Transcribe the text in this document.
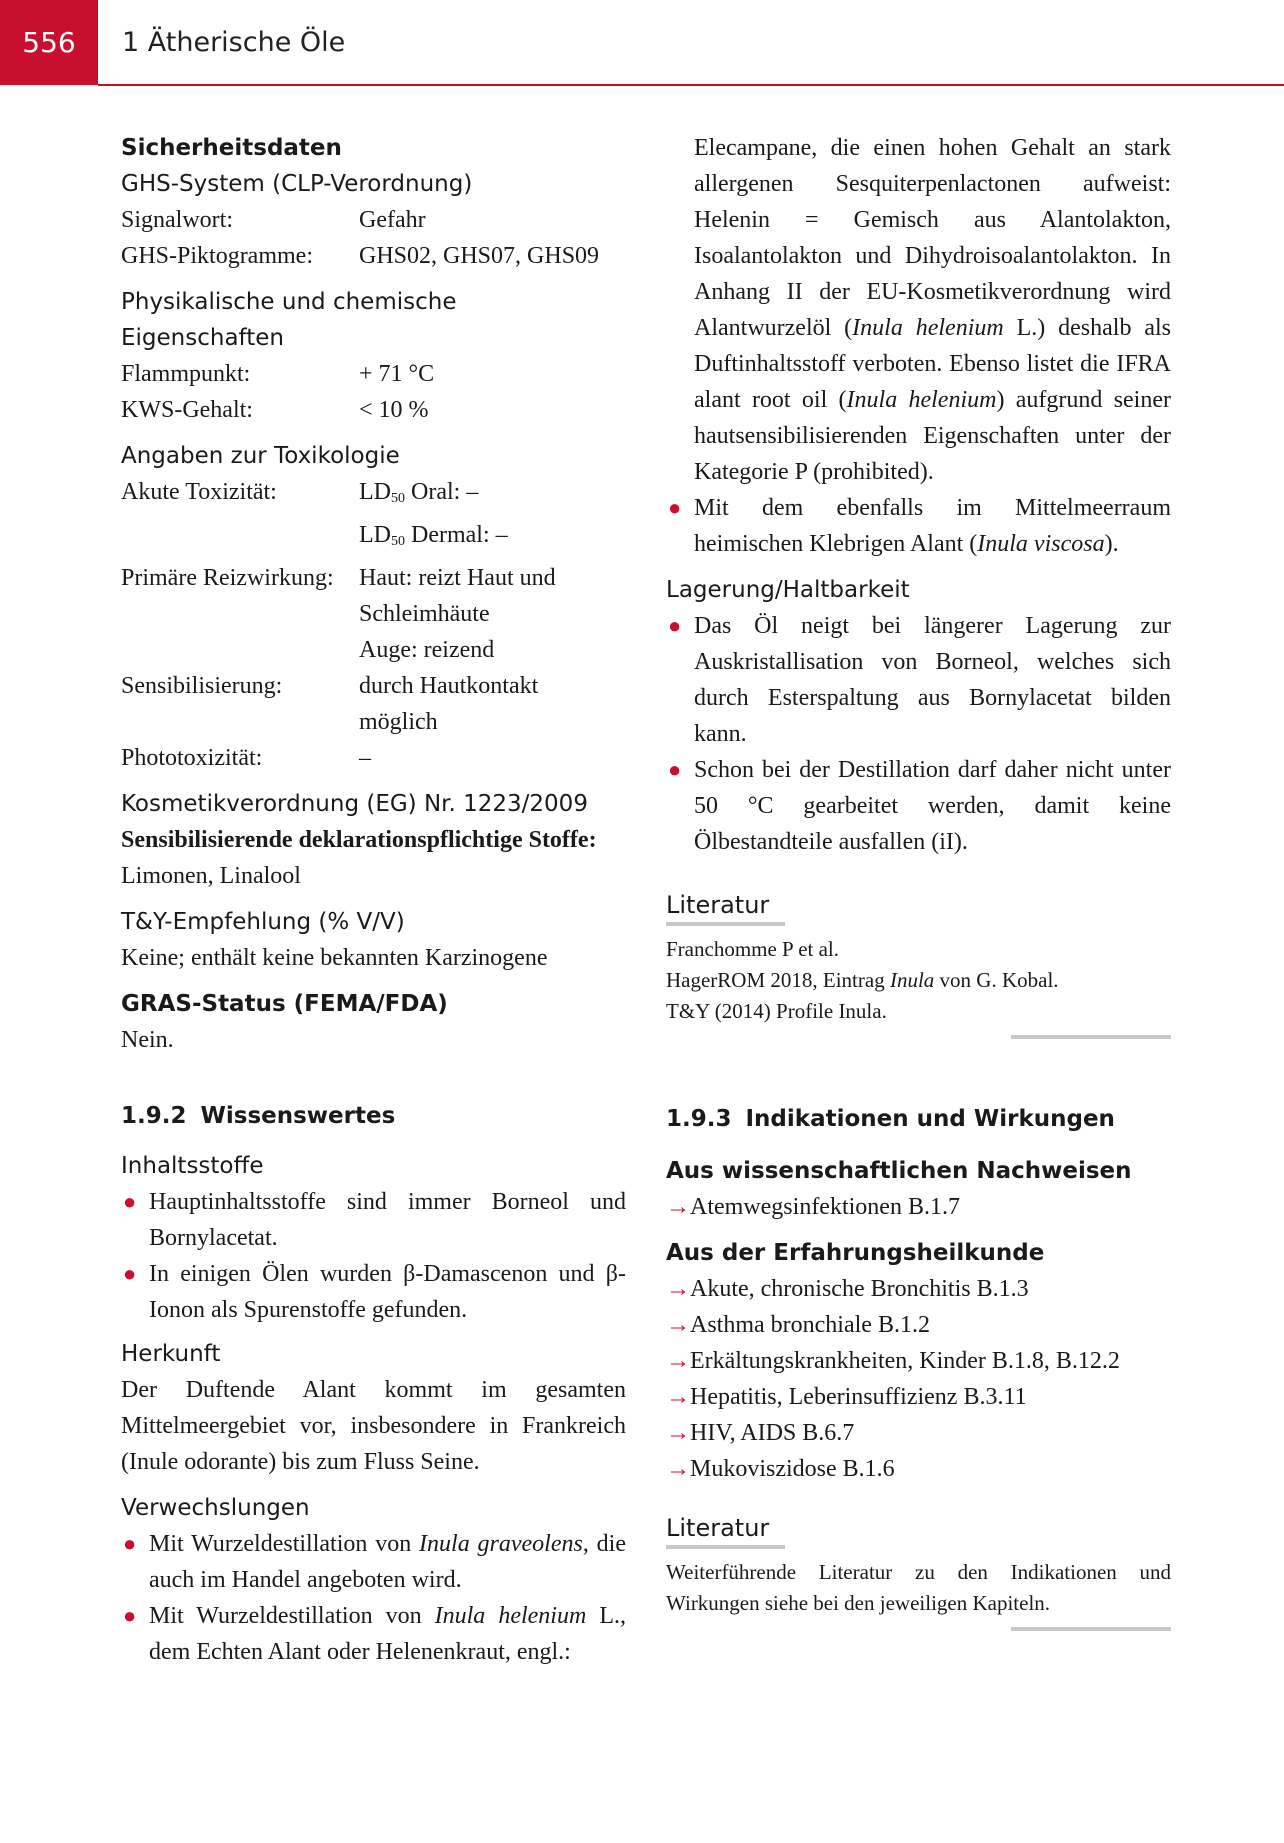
556	1 Ätherische Öle
Sicherheitsdaten
GHS-System (CLP-Verordnung)
Signalwort:	Gefahr
GHS-Piktogramme:	GHS02, GHS07, GHS09
Physikalische und chemische Eigenschaften
Flammpunkt:	+ 71 °C
KWS-Gehalt:	< 10 %
Angaben zur Toxikologie
Akute Toxizität:	$LD_{50}$ Oral: –
$LD_{50}$ Dermal: –
Primäre Reizwirkung:	Haut: reizt Haut und
Schleimhäute
Auge: reizend
Sensibilisierung:	durch Hautkontakt
möglich
Phototoxizität:	–
Kosmetikverordnung (EG) Nr. 1223/2009
Sensibilisierende deklarationspflichtige Stoffe:
Limonen, Linalool
T&Y-Empfehlung (% V/V)
Keine; enthält keine bekannten Karzinogene
GRAS-Status (FEMA/FDA)
Nein.
1.9.2 Wissenswertes
Inhaltsstoffe
● Hauptinhaltsstoffe sind immer Borneol und Bornylacetat.
● In einigen Ölen wurden β-Damascenon und β-Ionon als Spurenstoffe gefunden.
Herkunft
Der Duftende Alant kommt im gesamten Mittelmeergebiet vor, insbesondere in Frankreich (Inule odorante) bis zum Fluss Seine.
Verwechslungen
● Mit Wurzeldestillation von Inula graveolens, die auch im Handel angeboten wird.
● Mit Wurzeldestillation von Inula helenium L., dem Echten Alant oder Helenenkraut, engl.:
Elecampane, die einen hohen Gehalt an stark allergenen Sesquiterpenlactonen aufweist: Helenin = Gemisch aus Alantolakton, Isoalantolakton und Dihydroisoalantolakton. In Anhang II der EU-Kosmetikverordnung wird Alantwurzelöl (Inula helenium L.) deshalb als Duftinhaltsstoff verboten. Ebenso listet die IFRA alant root oil (Inula helenium) aufgrund seiner hautsensibilisierenden Eigenschaften unter der Kategorie P (prohibited).
● Mit dem ebenfalls im Mittelmeerraum heimischen Klebrigen Alant (Inula viscosa).
Lagerung/Haltbarkeit
● Das Öl neigt bei längerer Lagerung zur Auskristallisation von Borneol, welches sich durch Esterspaltung aus Bornylacetat bilden kann.
● Schon bei der Destillation darf daher nicht unter 50 °C gearbeitet werden, damit keine Ölbestandteile ausfallen (iI).
Literatur
Franchomme P et al.
HagerROM 2018, Eintrag Inula von G. Kobal.
T&Y (2014) Profile Inula.
1.9.3 Indikationen und Wirkungen
Aus wissenschaftlichen Nachweisen
→Atemwegsinfektionen B.1.7
Aus der Erfahrungsheilkunde
→Akute, chronische Bronchitis B.1.3
→Asthma bronchiale B.1.2
→Erkältungskrankheiten, Kinder B.1.8, B.12.2
→Hepatitis, Leberinsuffizienz B.3.11
→HIV, AIDS B.6.7
→Mukoviszidose B.1.6
Literatur
Weiterführende Literatur zu den Indikationen und Wirkungen siehe bei den jeweiligen Kapiteln.
